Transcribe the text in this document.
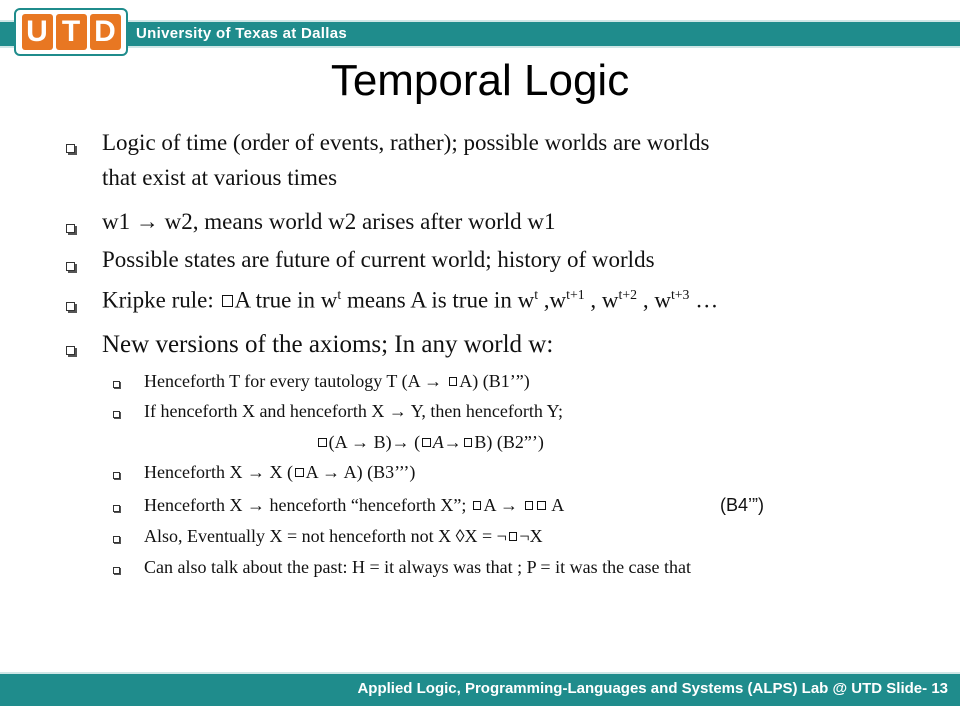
U T D	University of Texas at Dallas
Temporal Logic
Logic of time (order of events, rather); possible worlds are worlds
that exist at various times
w1 → w2, means world w2 arises after world w1
Possible states are future of current world; history of worlds
Kripke rule: A true in $w^t$ means A is true in $w^t$ $,w^{t+1}$ , $w^{t+2}$ , $w^{t+3}$ …
New versions of the axioms; In any world w:
Henceforth T for every tautology T (A → A) (B1’”)
If henceforth X and henceforth X → Y, then henceforth Y;
(A → B)→ ( A→ B) (B2”’)
Henceforth X → X ( A → A) (B3’’’)
Henceforth X → henceforth “henceforth X”; A →  A	(B4’”)
Also, Eventually X = not henceforth not X ◊X = ¬ ¬X
Can also talk about the past: H = it always was that ; P = it was the case that
Applied Logic, Programming-Languages and Systems (ALPS) Lab @ UTD Slide- 13
